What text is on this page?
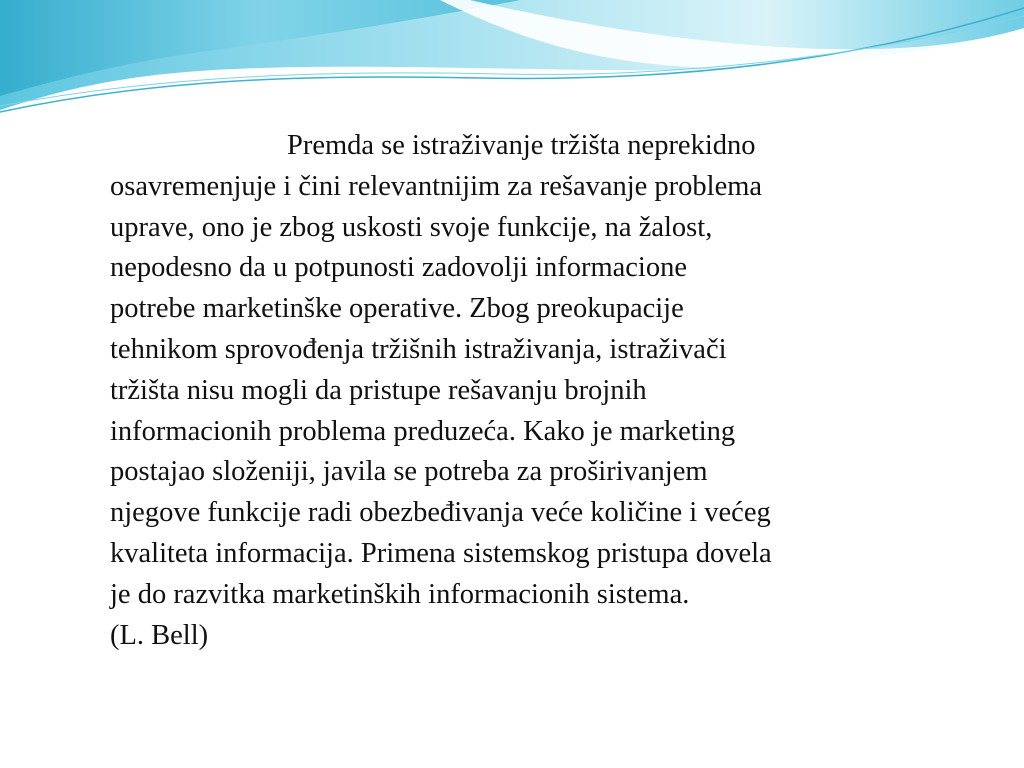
Premda se istraživanje tržišta neprekidno
osavremenjuje i čini relevantnijim za rešavanje problema
uprave, ono je zbog uskosti svoje funkcije, na žalost,
nepodesno da u potpunosti zadovolji informacione
potrebe marketinške operative. Zbog preokupacije
tehnikom sprovođenja tržišnih istraživanja, istraživači
tržišta nisu mogli da pristupe rešavanju brojnih
informacionih problema preduzeća. Kako je marketing
postajao složeniji, javila se potreba za proširivanjem
njegove funkcije radi obezbeđivanja veće količine i većeg
kvaliteta informacija. Primena sistemskog pristupa dovela
je do razvitka marketinških informacionih sistema.
(L. Bell)
